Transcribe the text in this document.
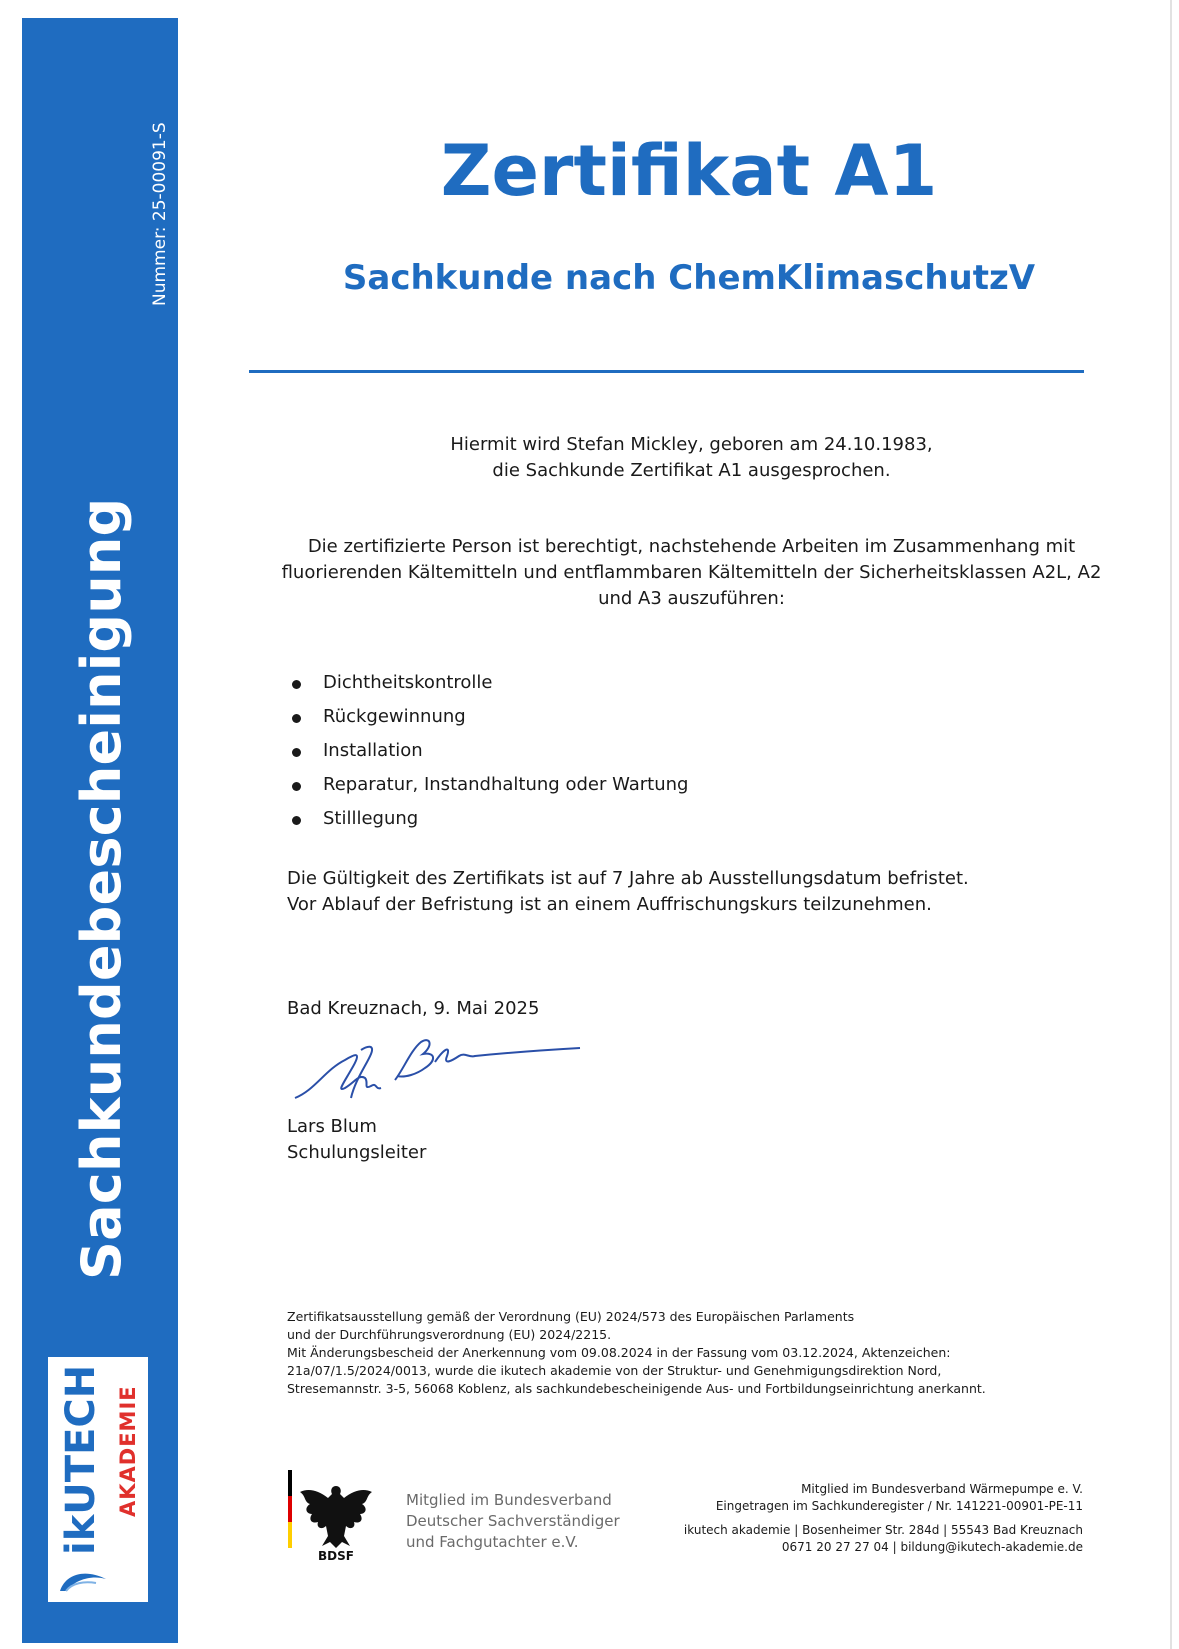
Nummer: 25-00091-S
Sachkundebescheinigung
ikUTECH AKADEMIE
Zertifikat A1
Sachkunde nach ChemKlimaschutzV

Hiermit wird Stefan Mickley, geboren am 24.10.1983,

die Sachkunde Zertifikat A1 ausgesprochen.

Die zertifizierte Person ist berechtigt, nachstehende Arbeiten im Zusammenhang mit

fluorierenden Kältemitteln und entflammbaren Kältemitteln der Sicherheitsklassen A2L, A2

und A3 auszuführen:

Dichtheitskontrolle
Rückgewinnung
Installation
Reparatur, Instandhaltung oder Wartung
Stilllegung

Die Gültigkeit des Zertifikats ist auf 7 Jahre ab Ausstellungsdatum befristet.

Vor Ablauf der Befristung ist an einem Auffrischungskurs teilzunehmen.

Bad Kreuznach, 9. Mai 2025

Lars Blum

Schulungsleiter

Zertifikatsausstellung gemäß der Verordnung (EU) 2024/573 des Europäischen Parlaments
und der Durchführungsverordnung (EU) 2024/2215.
Mit Änderungsbescheid der Anerkennung vom 09.08.2024 in der Fassung vom 03.12.2024, Aktenzeichen:
21a/07/1.5/2024/0013, wurde die ikutech akademie von der Struktur- und Genehmigungsdirektion Nord,
Stresemannstr. 3-5, 56068 Koblenz, als sachkundebescheinigende Aus- und Fortbildungseinrichtung anerkannt.
BDSF
Mitglied im Bundesverband
Deutscher Sachverständiger
und Fachgutachter e.V.
Mitglied im Bundesverband Wärmepumpe e. V.
Eingetragen im Sachkunderegister / Nr. 141221-00901-PE-11
ikutech akademie | Bosenheimer Str. 284d | 55543 Bad Kreuznach
0671 20 27 27 04 | bildung@ikutech-akademie.de
